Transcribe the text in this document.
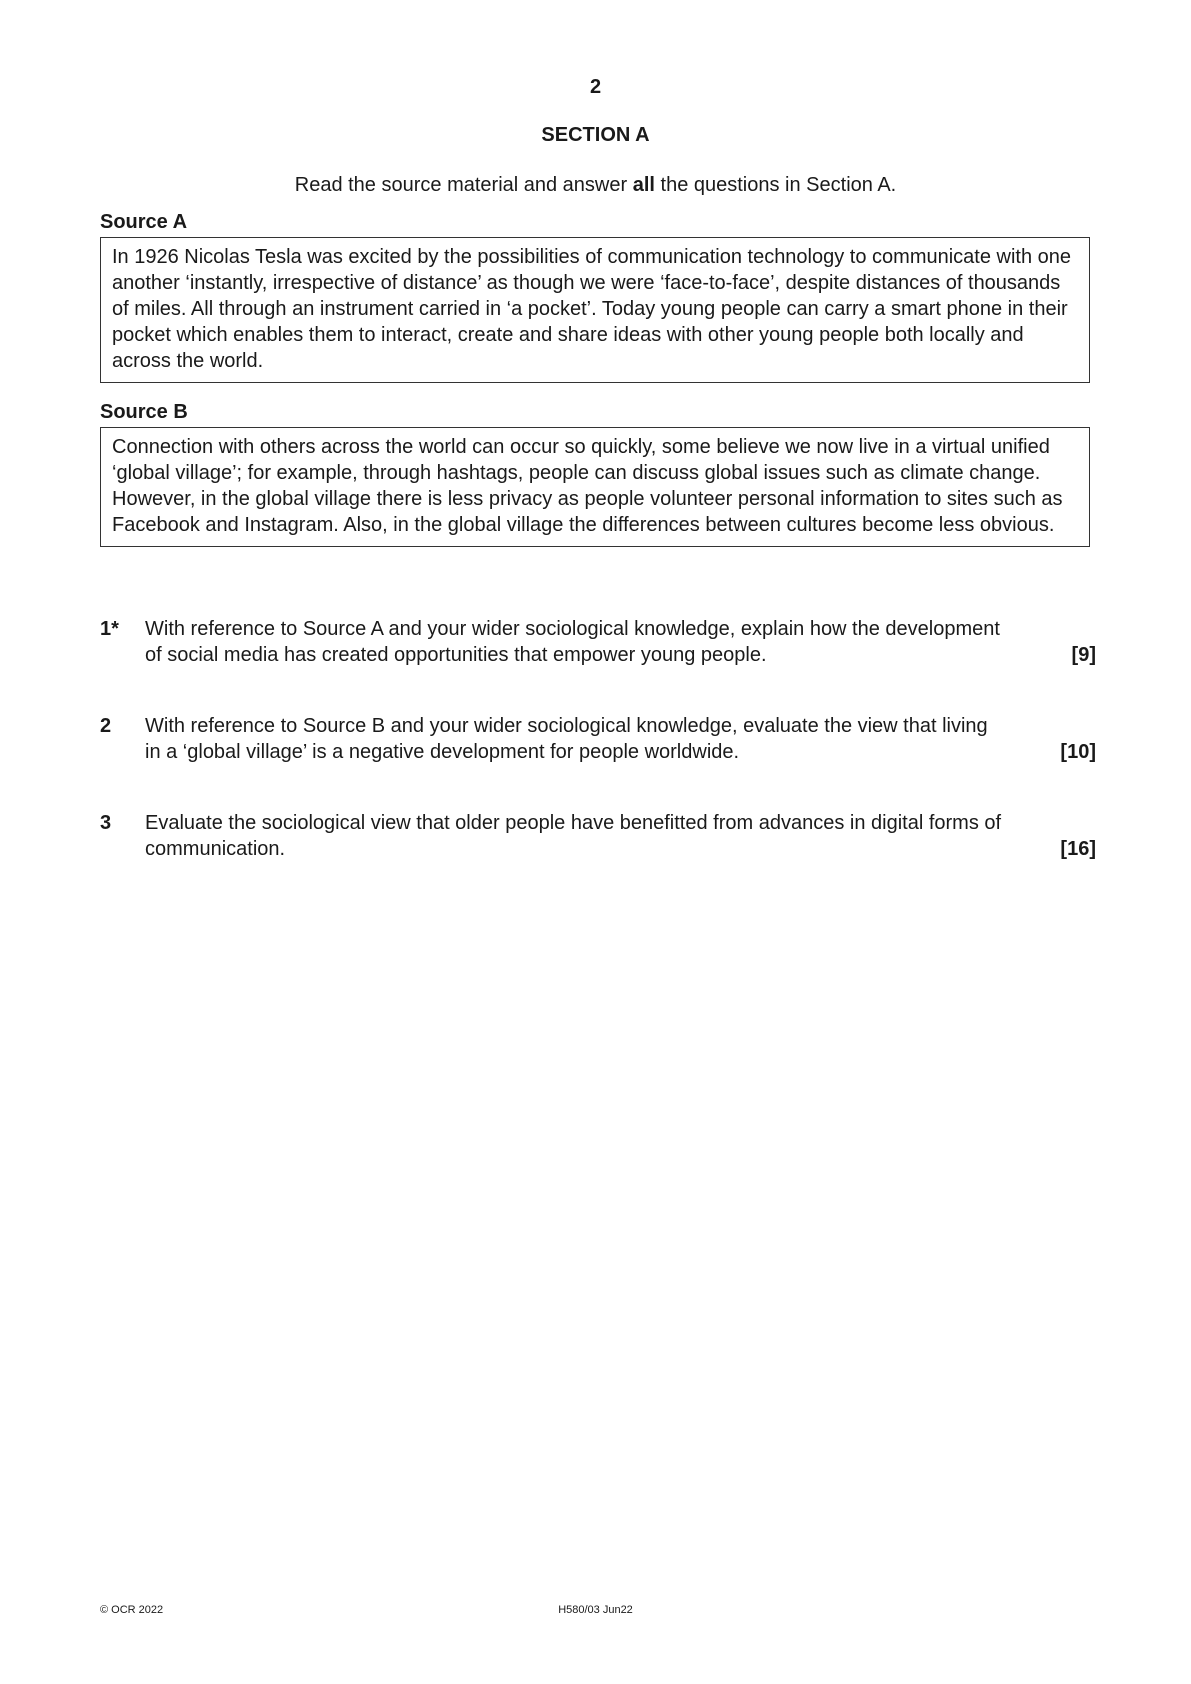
2
SECTION A
Read the source material and answer all the questions in Section A.
Source A
In 1926 Nicolas Tesla was excited by the possibilities of communication technology to communicate with one another ‘instantly, irrespective of distance’ as though we were ‘face-to-face’, despite distances of thousands of miles. All through an instrument carried in ‘a pocket’. Today young people can carry a smart phone in their pocket which enables them to interact, create and share ideas with other young people both locally and across the world.
Source B
Connection with others across the world can occur so quickly, some believe we now live in a virtual unified ‘global village’; for example, through hashtags, people can discuss global issues such as climate change. However, in the global village there is less privacy as people volunteer personal information to sites such as Facebook and Instagram. Also, in the global village the differences between cultures become less obvious.
1* With reference to Source A and your wider sociological knowledge, explain how the development
of social media has created opportunities that empower young people.	[9]
2 With reference to Source B and your wider sociological knowledge, evaluate the view that living
in a ‘global village’ is a negative development for people worldwide.	[10]
3 Evaluate the sociological view that older people have benefitted from advances in digital forms of
communication.	[16]
© OCR 2022	H580/03 Jun22
